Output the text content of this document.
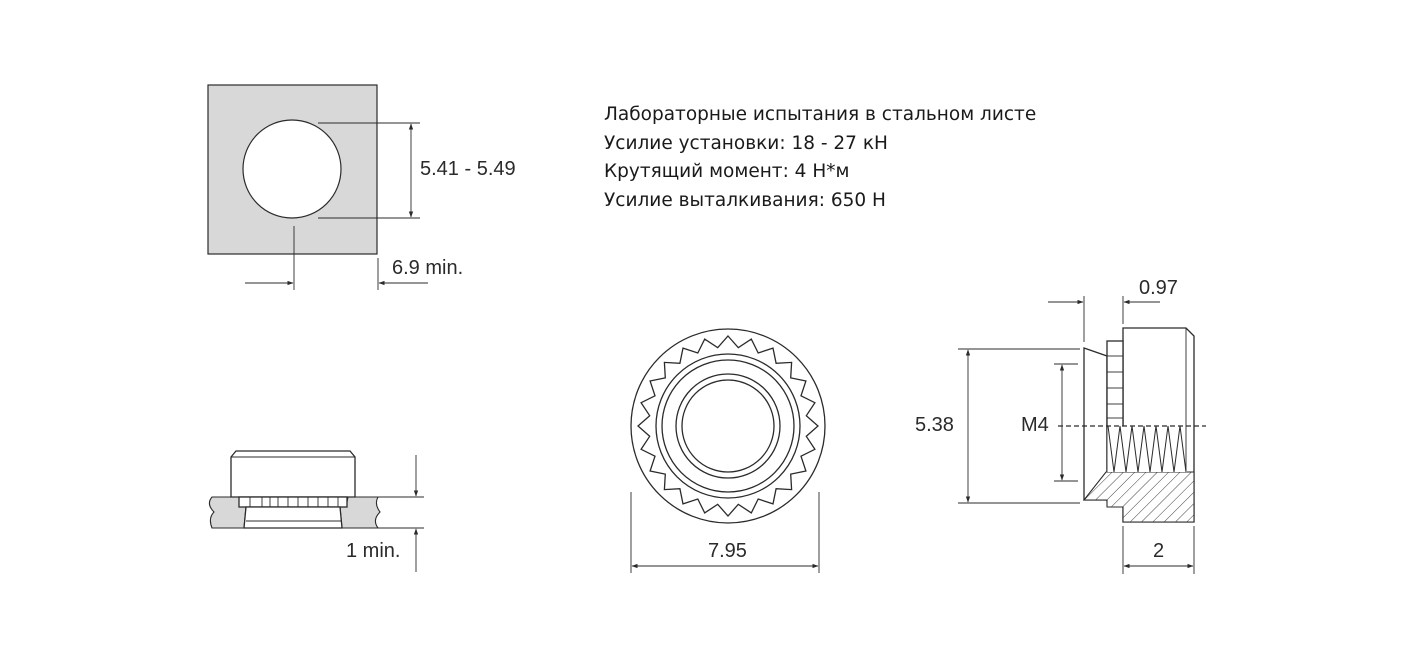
5.41 - 5.49
6.9 min.
1 min.	7.95
5.38	M4
0.97
2
Лабораторные испытания в стальном листе
Усилие установки: 18 - 27 кН
Крутящий момент: 4 Н*м
Усилие выталкивания: 650 Н
